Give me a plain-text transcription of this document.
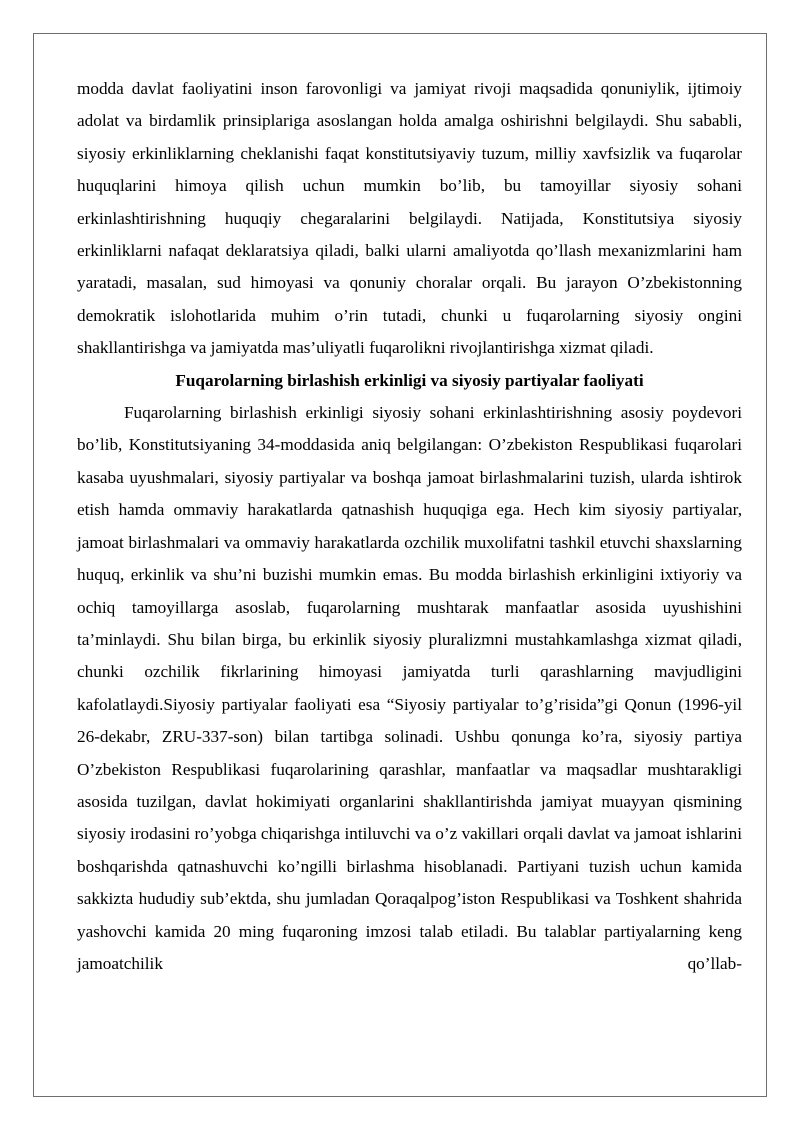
modda davlat faoliyatini inson farovonligi va jamiyat rivoji maqsadida qonuniylik, ijtimoiy adolat va birdamlik prinsiplariga asoslangan holda amalga oshirishni belgilaydi. Shu sababli, siyosiy erkinliklarning cheklanishi faqat konstitutsiyaviy tuzum, milliy xavfsizlik va fuqarolar huquqlarini himoya qilish uchun mumkin bo’lib, bu tamoyillar siyosiy sohani erkinlashtirishning huquqiy chegaralarini belgilaydi. Natijada, Konstitutsiya siyosiy erkinliklarni nafaqat deklaratsiya qiladi, balki ularni amaliyotda qo’llash mexanizmlarini ham yaratadi, masalan, sud himoyasi va qonuniy choralar orqali. Bu jarayon O’zbekistonning demokratik islohotlarida muhim o’rin tutadi, chunki u fuqarolarning siyosiy ongini shakllantirishga va jamiyatda mas’uliyatli fuqarolikni rivojlantirishga xizmat qiladi.

Fuqarolarning birlashish erkinligi va siyosiy partiyalar faoliyati

Fuqarolarning birlashish erkinligi siyosiy sohani erkinlashtirishning asosiy poydevori bo’lib, Konstitutsiyaning 34-moddasida aniq belgilangan: O’zbekiston Respublikasi fuqarolari kasaba uyushmalari, siyosiy partiyalar va boshqa jamoat birlashmalarini tuzish, ularda ishtirok etish hamda ommaviy harakatlarda qatnashish huquqiga ega. Hech kim siyosiy partiyalar, jamoat birlashmalari va ommaviy harakatlarda ozchilik muxolifatni tashkil etuvchi shaxslarning huquq, erkinlik va shu’ni buzishi mumkin emas. Bu modda birlashish erkinligini ixtiyoriy va ochiq tamoyillarga asoslab, fuqarolarning mushtarak manfaatlar asosida uyushishini ta’minlaydi. Shu bilan birga, bu erkinlik siyosiy pluralizmni mustahkamlashga xizmat qiladi, chunki ozchilik fikrlarining himoyasi jamiyatda turli qarashlarning mavjudligini kafolatlaydi.Siyosiy partiyalar faoliyati esa “Siyosiy partiyalar to’g’risida”gi Qonun (1996-yil 26-dekabr, ZRU-337-son) bilan tartibga solinadi. Ushbu qonunga ko’ra, siyosiy partiya O’zbekiston Respublikasi fuqarolarining qarashlar, manfaatlar va maqsadlar mushtarakligi asosida tuzilgan, davlat hokimiyati organlarini shakllantirishda jamiyat muayyan qismining siyosiy irodasini ro’yobga chiqarishga intiluvchi va o’z vakillari orqali davlat va jamoat ishlarini boshqarishda qatnashuvchi ko’ngilli birlashma hisoblanadi. Partiyani tuzish uchun kamida sakkizta hududiy sub’ektda, shu jumladan Qoraqalpog’iston Respublikasi va Toshkent shahrida yashovchi kamida 20 ming fuqaroning imzosi talab etiladi. Bu talablar partiyalarning keng jamoatchilik qo’llab-
